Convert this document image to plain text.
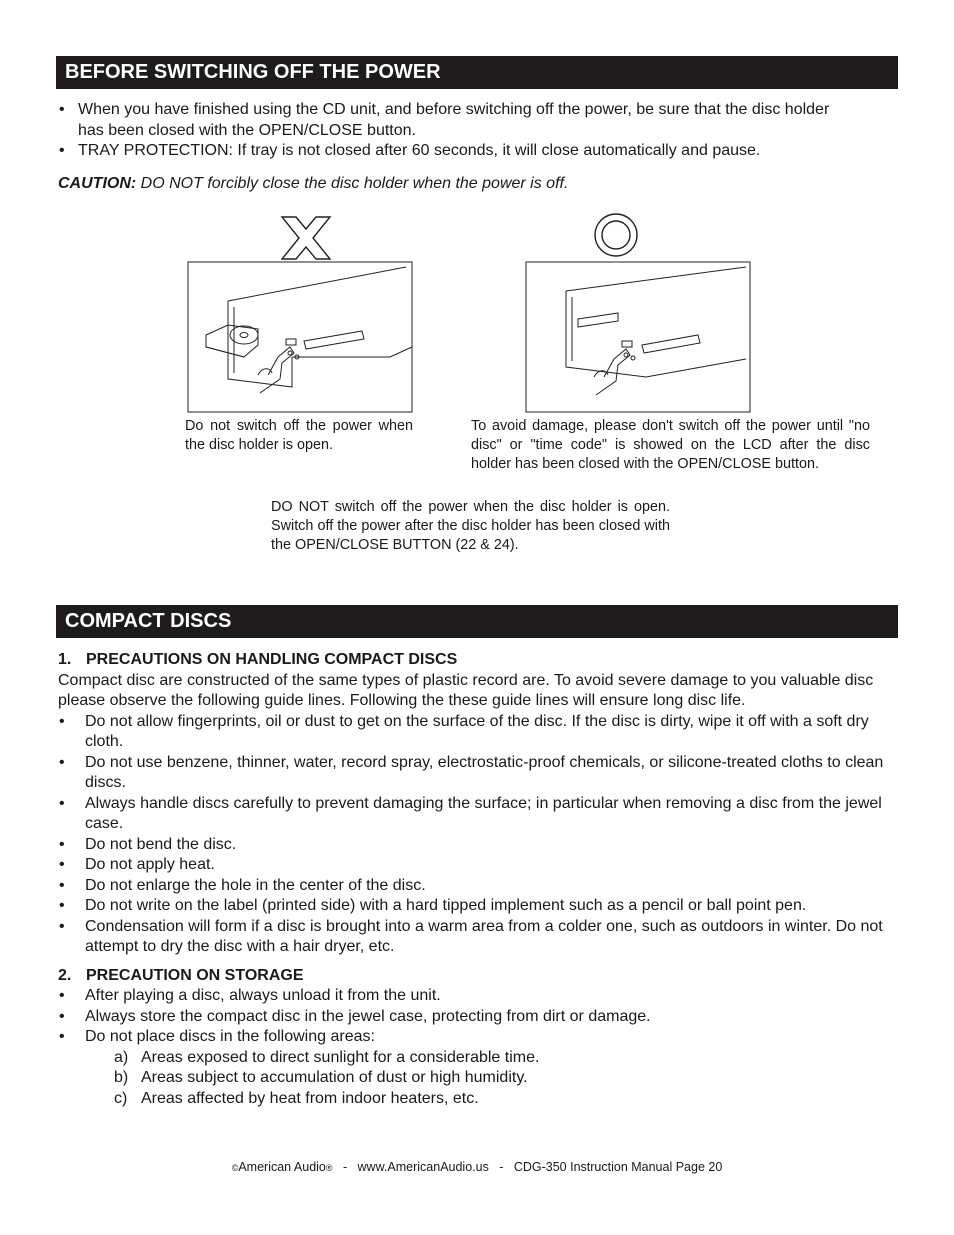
BEFORE SWITCHING OFF THE POWER
• When you have finished using the CD unit, and before switching off the power, be sure that the disc holder has been closed with the OPEN/CLOSE button.
• TRAY PROTECTION: If tray is not closed after 60 seconds, it will close automatically and pause.
CAUTION: DO NOT forcibly close the disc holder when the power is off.
Do not switch off the power when the disc holder is open.
To avoid damage, please don't switch off the power until "no disc" or "time code" is showed on the LCD after the disc holder has been closed with the OPEN/CLOSE button.
DO NOT switch off the power when the disc holder is open. Switch off the power after the disc holder has been closed with the OPEN/CLOSE BUTTON (22 & 24).
COMPACT DISCS
1. PRECAUTIONS ON HANDLING COMPACT DISCS
Compact disc are constructed of the same types of plastic record are. To avoid severe damage to you valuable disc please observe the following guide lines. Following the these guide lines will ensure long disc life.
• Do not allow fingerprints, oil or dust to get on the surface of the disc. If the disc is dirty, wipe it off with a soft dry cloth.
• Do not use benzene, thinner, water, record spray, electrostatic-proof chemicals, or silicone-treated cloths to clean discs.
• Always handle discs carefully to prevent damaging the surface; in particular when removing a disc from the jewel case.
• Do not bend the disc.
• Do not apply heat.
• Do not enlarge the hole in the center of the disc.
• Do not write on the label (printed side) with a hard tipped implement such as a pencil or ball point pen.
• Condensation will form if a disc is brought into a warm area from a colder one, such as outdoors in winter. Do not attempt to dry the disc with a hair dryer, etc.
2. PRECAUTION ON STORAGE
• After playing a disc, always unload it from the unit.
• Always store the compact disc in the jewel case, protecting from dirt or damage.
• Do not place discs in the following areas:
a) Areas exposed to direct sunlight for a considerable time.
b) Areas subject to accumulation of dust or high humidity.
c) Areas affected by heat from indoor heaters, etc.
©American Audio®   -   www.AmericanAudio.us   -   CDG-350 Instruction Manual Page 20
